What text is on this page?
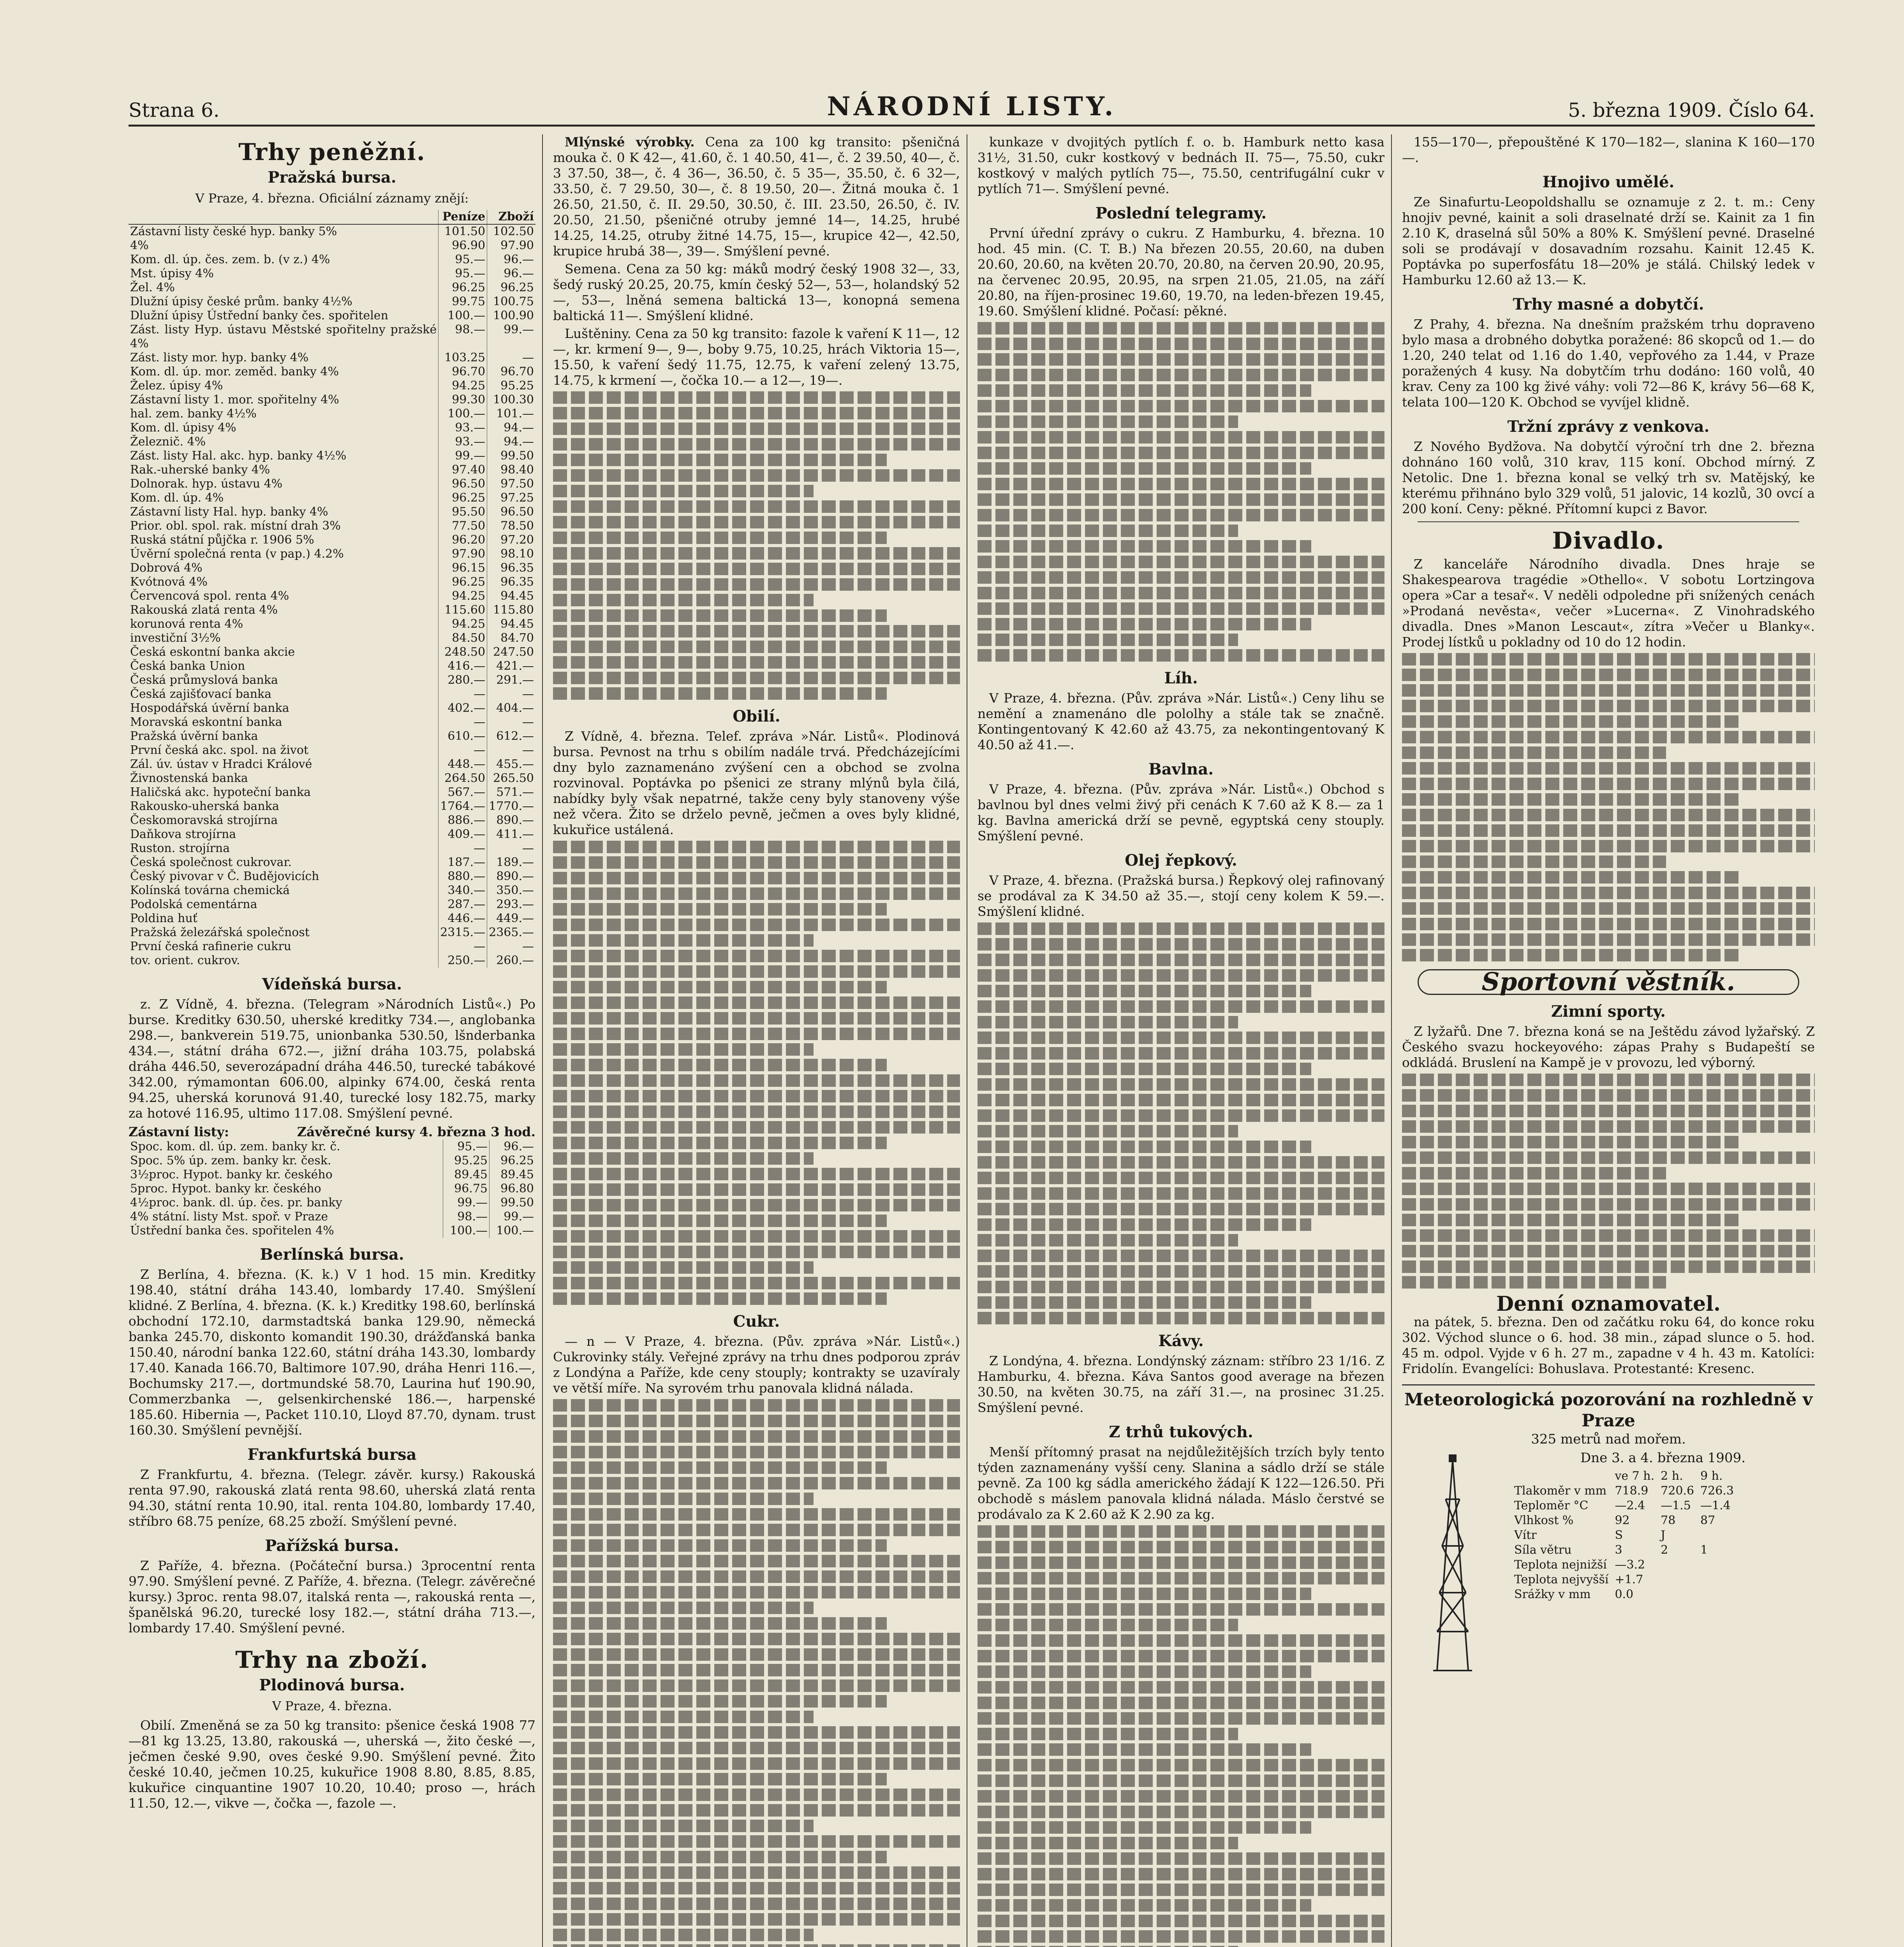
Strana 6.	NÁRODNÍ LISTY.	5. března 1909. Číslo 64.
Trhy peněžní.
Pražská bursa.
V Praze, 4. března. Oficiální záznamy znějí:
	Peníze	Zboží
Zástavní listy české hyp. banky 5%	101.50	102.50
4%	96.90	97.90
Kom. dl. úp. čes. zem. b. (v z.) 4%	95.—	96.—
Mst. úpisy 4%	95.—	96.—
Žel. 4%	96.25	96.25
Dlužní úpisy české prům. banky 4½%	99.75	100.75
Dlužní úpisy Ústřední banky čes. spořitelen	100.—	100.90
Zást. listy Hyp. ústavu Městské spořitelny pražské 4%	98.—	99.—
Zást. listy mor. hyp. banky 4%	103.25	—
Kom. dl. úp. mor. zeměd. banky 4%	96.70	96.70
Želez. úpisy 4%	94.25	95.25
Zástavní listy 1. mor. spořitelny 4%	99.30	100.30
hal. zem. banky 4½%	100.—	101.—
Kom. dl. úpisy 4%	93.—	94.—
Železnič. 4%	93.—	94.—
Zást. listy Hal. akc. hyp. banky 4½%	99.—	99.50
Rak.-uherské banky 4%	97.40	98.40
Dolnorak. hyp. ústavu 4%	96.50	97.50
Kom. dl. úp. 4%	96.25	97.25
Zástavní listy Hal. hyp. banky 4%	95.50	96.50
Prior. obl. spol. rak. místní drah 3%	77.50	78.50
Ruská státní půjčka r. 1906 5%	96.20	97.20
Úvěrní společná renta (v pap.) 4.2%	97.90	98.10
Dobrová 4%	96.15	96.35
Kvótnová 4%	96.25	96.35
Červencová spol. renta 4%	94.25	94.45
Rakouská zlatá renta 4%	115.60	115.80
korunová renta 4%	94.25	94.45
investiční 3½%	84.50	84.70
Česká eskontní banka akcie	248.50	247.50
Česká banka Union	416.—	421.—
Česká průmyslová banka	280.—	291.—
Česká zajišťovací banka	—	—
Hospodářská úvěrní banka	402.—	404.—
Moravská eskontní banka	—	—
Pražská úvěrní banka	610.—	612.—
První česká akc. spol. na život	—	—
Zál. úv. ústav v Hradci Králové	448.—	455.—
Živnostenská banka	264.50	265.50
Haličská akc. hypoteční banka	567.—	571.—
Rakousko-uherská banka	1764.—	1770.—
Českomoravská strojírna	886.—	890.—
Daňkova strojírna	409.—	411.—
Ruston. strojírna	—	—
Česká společnost cukrovar.	187.—	189.—
Český pivovar v Č. Budějovicích	880.—	890.—
Kolínská továrna chemická	340.—	350.—
Podolská cementárna	287.—	293.—
Poldina huť	446.—	449.—
Pražská železářská společnost	2315.—	2365.—
První česká rafinerie cukru	—	—
tov. orient. cukrov.	250.—	260.—
Vídeňská bursa.

z. Z Vídně, 4. března. (Telegram »Národních Listů«.) Po burse. Kreditky 630.50, uherské kreditky 734.—, anglobanka 298.—, bankverein 519.75, unionbanka 530.50, lšnderbanka 434.—, státní dráha 672.—, jižní dráha 103.75, polabská dráha 446.50, severozápadní dráha 446.50, turecké tabákové 342.00, rýmamontan 606.00, alpinky 674.00, česká renta 94.25, uherská korunová 91.40, turecké losy 182.75, marky za hotové 116.95, ultimo 117.08. Smýšlení pevné.

Zástavní listy:	Závěrečné kursy 4. března 3 hod.
Spoc. kom. dl. úp. zem. banky kr. č.	95.—	96.—
Spoc. 5% úp. zem. banky kr. česk.	95.25	96.25
3½proc. Hypot. banky kr. českého	89.45	89.45
5proc. Hypot. banky kr. českého	96.75	96.80
4½proc. bank. dl. úp. čes. pr. banky	99.—	99.50
4% státní. listy Mst. spoř. v Praze	98.—	99.—
Ústřední banka čes. spořitelen 4%	100.—	100.—
Berlínská bursa.

Z Berlína, 4. března. (K. k.) V 1 hod. 15 min. Kreditky 198.40, státní dráha 143.40, lombardy 17.40. Smýšlení klidné. Z Berlína, 4. března. (K. k.) Kreditky 198.60, berlínská obchodní 172.10, darmstadtská banka 129.90, německá banka 245.70, diskonto komandit 190.30, drážďanská banka 150.40, národní banka 122.60, státní dráha 143.30, lombardy 17.40. Kanada 166.70, Baltimore 107.90, dráha Henri 116.—, Bochumsky 217.—, dortmundské 58.70, Laurina huť 190.90, Commerzbanka —, gelsenkirchenské 186.—, harpenské 185.60. Hibernia —, Packet 110.10, Lloyd 87.70, dynam. trust 160.30. Smýšlení pevnější.

Frankfurtská bursa

Z Frankfurtu, 4. března. (Telegr. závěr. kursy.) Rakouská renta 97.90, rakouská zlatá renta 98.60, uherská zlatá renta 94.30, státní renta 10.90, ital. renta 104.80, lombardy 17.40, stříbro 68.75 peníze, 68.25 zboží. Smýšlení pevné.

Pařížská bursa.

Z Paříže, 4. března. (Počáteční bursa.) 3procentní renta 97.90. Smýšlení pevné. Z Paříže, 4. března. (Telegr. závěrečné kursy.) 3proc. renta 98.07, italská renta —, rakouská renta —, španělská 96.20, turecké losy 182.—, státní dráha 713.—, lombardy 17.40. Smýšlení pevné.

Trhy na zboží.
Plodinová bursa.
V Praze, 4. března.

Obilí. Zmeněná se za 50 kg transito: pšenice česká 1908 77—81 kg 13.25, 13.80, rakouská —, uherská —, žito české —, ječmen české 9.90, oves české 9.90. Smýšlení pevné. Žito české 10.40, ječmen 10.25, kukuřice 1908 8.80, 8.85, 8.85, kukuřice cinquantine 1907 10.20, 10.40; proso —, hrách 11.50, 12.—, vikve —, čočka —, fazole —.

Mlýnské výrobky. Cena za 100 kg transito: pšeničná mouka č. 0 K 42—, 41.60, č. 1 40.50, 41—, č. 2 39.50, 40—, č. 3 37.50, 38—, č. 4 36—, 36.50, č. 5 35—, 35.50, č. 6 32—, 33.50, č. 7 29.50, 30—, č. 8 19.50, 20—. Žitná mouka č. 1 26.50, 21.50, č. II. 29.50, 30.50, č. III. 23.50, 26.50, č. IV. 20.50, 21.50, pšeničné otruby jemné 14—, 14.25, hrubé 14.25, 14.25, otruby žitné 14.75, 15—, krupice 42—, 42.50, krupice hrubá 38—, 39—. Smýšlení pevné.

Semena. Cena za 50 kg: máků modrý český 1908 32—, 33, šedý ruský 20.25, 20.75, kmín český 52—, 53—, holandský 52—, 53—, lněná semena baltická 13—, konopná semena baltická 11—. Smýšlení klidné.

Luštěniny. Cena za 50 kg transito: fazole k vaření K 11—, 12—, kr. krmení 9—, 9—, boby 9.75, 10.25, hrách Viktoria 15—, 15.50, k vaření šedý 11.75, 12.75, k vaření zelený 13.75, 14.75, k krmení —, čočka 10.— a 12—, 19—.

Obilí.

Z Vídně, 4. března. Telef. zpráva »Nár. Listů«. Plodinová bursa. Pevnost na trhu s obilím nadále trvá. Předcházejícími dny bylo zaznamenáno zvýšení cen a obchod se zvolna rozvinoval. Poptávka po pšenici ze strany mlýnů byla čilá, nabídky byly však nepatrné, takže ceny byly stanoveny výše než včera. Žito se drželo pevně, ječmen a oves byly klidné, kukuřice ustálená.

Cukr.

— n — V Praze, 4. března. (Pův. zpráva »Nár. Listů«.) Cukrovinky stály. Veřejné zprávy na trhu dnes podporou zpráv z Londýna a Paříže, kde ceny stouply; kontrakty se uzavíraly ve větší míře. Na syrovém trhu panovala klidná nálada.

kunkaze v dvojitých pytlích f. o. b. Hamburk netto kasa 31½, 31.50, cukr kostkový v bednách II. 75—, 75.50, cukr kostkový v malých pytlích 75—, 75.50, centrifugální cukr v pytlích 71—. Smýšlení pevné.

Poslední telegramy.

První úřední zprávy o cukru. Z Hamburku, 4. března. 10 hod. 45 min. (C. T. B.) Na březen 20.55, 20.60, na duben 20.60, 20.60, na květen 20.70, 20.80, na červen 20.90, 20.95, na červenec 20.95, 20.95, na srpen 21.05, 21.05, na září 20.80, na říjen-prosinec 19.60, 19.70, na leden-březen 19.45, 19.60. Smýšlení klidné. Počasí: pěkné.

Líh.

V Praze, 4. března. (Pův. zpráva »Nár. Listů«.) Ceny lihu se nemění a znamenáno dle pololhy a stále tak se značně. Kontingentovaný K 42.60 až 43.75, za nekontingentovaný K 40.50 až 41.—.

Bavlna.

V Praze, 4. března. (Pův. zpráva »Nár. Listů«.) Obchod s bavlnou byl dnes velmi živý při cenách K 7.60 až K 8.— za 1 kg. Bavlna americká drží se pevně, egyptská ceny stouply. Smýšlení pevné.

Olej řepkový.

V Praze, 4. března. (Pražská bursa.) Řepkový olej rafinovaný se prodával za K 34.50 až 35.—, stojí ceny kolem K 59.—. Smýšlení klidné.

Kávy.

Z Londýna, 4. března. Londýnský záznam: stříbro 23 1/16. Z Hamburku, 4. března. Káva Santos good average na březen 30.50, na květen 30.75, na září 31.—, na prosinec 31.25. Smýšlení pevné.

Z trhů tukových.

Menší přítomný prasat na nejdůležitějších trzích byly tento týden zaznamenány vyšší ceny. Slanina a sádlo drží se stále pevně. Za 100 kg sádla amerického žádají K 122—126.50. Při obchodě s máslem panovala klidná nálada. Máslo čerstvé se prodávalo za K 2.60 až K 2.90 za kg.

155—170—, přepouštěné K 170—182—, slanina K 160—170—.

Hnojivo umělé.

Ze Sinafurtu-Leopoldshallu se oznamuje z 2. t. m.: Ceny hnojiv pevné, kainit a soli draselnaté drží se. Kainit za 1 fin 2.10 K, draselná sůl 50% a 80% K. Smýšlení pevné. Draselné soli se prodávají v dosavadním rozsahu. Kainit 12.45 K. Poptávka po superfosfátu 18—20% je stálá. Chilský ledek v Hamburku 12.60 až 13.— K.

Trhy masné a dobytčí.

Z Prahy, 4. března. Na dnešním pražském trhu dopraveno bylo masa a drobného dobytka poražené: 86 skopců od 1.— do 1.20, 240 telat od 1.16 do 1.40, vepřového za 1.44, v Praze poražených 4 kusy. Na dobytčím trhu dodáno: 160 volů, 40 krav. Ceny za 100 kg živé váhy: voli 72—86 K, krávy 56—68 K, telata 100—120 K. Obchod se vyvíjel klidně.

Tržní zprávy z venkova.

Z Nového Bydžova. Na dobytčí výroční trh dne 2. března dohnáno 160 volů, 310 krav, 115 koní. Obchod mírný. Z Netolic. Dne 1. března konal se velký trh sv. Matějský, ke kterému přihnáno bylo 329 volů, 51 jalovic, 14 kozlů, 30 ovcí a 200 koní. Ceny: pěkné. Přítomní kupci z Bavor.

Divadlo.

Z kanceláře Národního divadla. Dnes hraje se Shakespearova tragédie »Othello«. V sobotu Lortzingova opera »Car a tesař«. V neděli odpoledne při snížených cenách »Prodaná nevěsta«, večer »Lucerna«. Z Vinohradského divadla. Dnes »Manon Lescaut«, zítra »Večer u Blanky«. Prodej lístků u pokladny od 10 do 12 hodin.

Sportovní věstník.
Zimní sporty.

Z lyžařů. Dne 7. března koná se na Ještědu závod lyžařský. Z Českého svazu hockeyového: zápas Prahy s Budapeští se odkládá. Bruslení na Kampě je v provozu, led výborný.

Denní oznamovatel.

na pátek, 5. března. Den od začátku roku 64, do konce roku 302. Východ slunce o 6. hod. 38 min., západ slunce o 5. hod. 45 m. odpol. Vyjde v 6 h. 27 m., zapadne v 4 h. 43 m. Katolíci: Fridolín. Evangelíci: Bohuslava. Protestanté: Kresenc.

Meteorologická pozorování na rozhledně v Praze
325 metrů nad mořem.
Dne 3. a 4. března 1909.
	ve 7 h.	2 h.	9 h.
Tlakoměr v mm	718.9	720.6	726.3
Teploměr °C	—2.4	—1.5	—1.4
Vlhkost %	92	78	87
Vítr	S	J	
Síla větru	3	2	1
Teplota nejnižší	—3.2		
Teplota nejvyšší	+1.7		
Srážky v mm	0.0		
